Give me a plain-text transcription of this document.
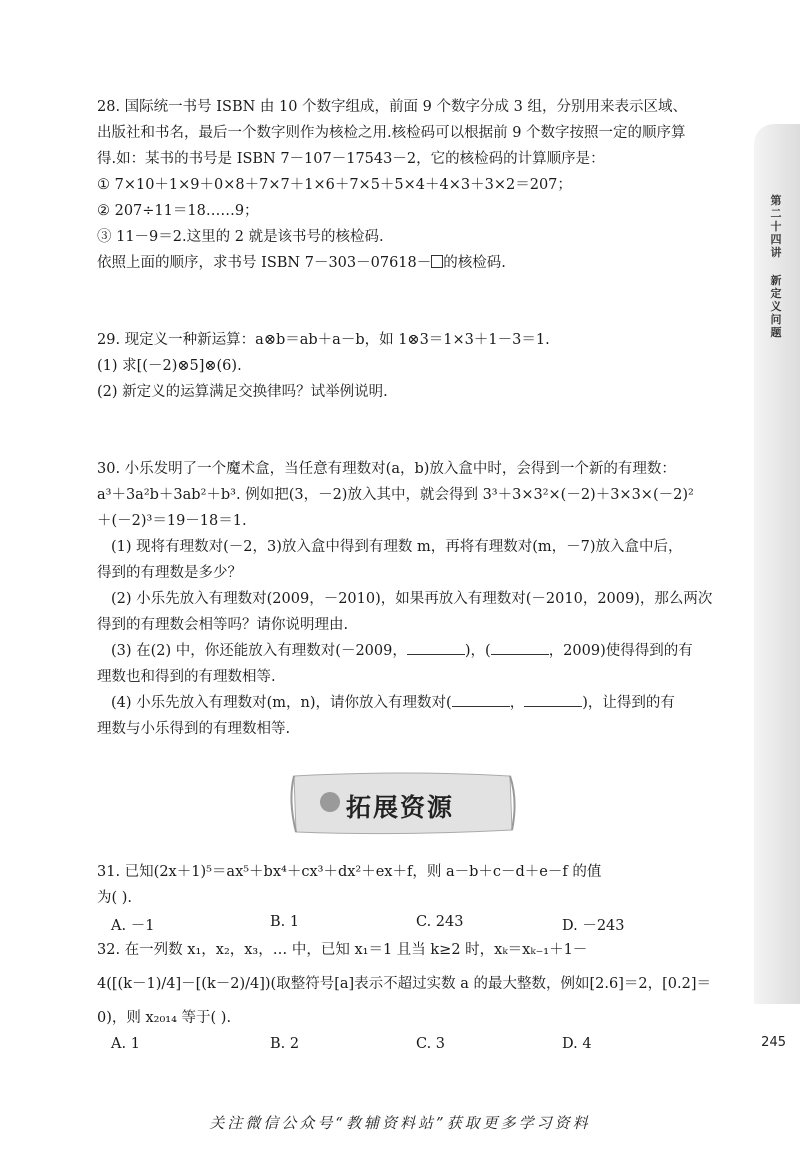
第二十四讲
新定义问题
245
28. 国际统一书号 ISBN 由 10 个数字组成，前面 9 个数字分成 3 组，分别用来表示区域、
出版社和书名，最后一个数字则作为核检之用.核检码可以根据前 9 个数字按照一定的顺序算
得.如：某书的书号是 ISBN 7－107－17543－2，它的核检码的计算顺序是：
① 7×10＋1×9＋0×8＋7×7＋1×6＋7×5＋5×4＋4×3＋3×2＝207；
② 207÷11＝18……9；
③ 11－9＝2.这里的 2 就是该书号的核检码.
依照上面的顺序，求书号 ISBN 7－303－07618－ 的核检码.
29. 现定义一种新运算：a⊗b＝ab＋a－b，如 1⊗3＝1×3＋1－3＝1.
(1) 求[(－2)⊗5]⊗(6).
(2) 新定义的运算满足交换律吗？试举例说明.
30. 小乐发明了一个魔术盒，当任意有理数对(a，b)放入盒中时，会得到一个新的有理数：
a³＋3a²b＋3ab²＋b³. 例如把(3，－2)放入其中，就会得到 3³＋3×3²×(－2)＋3×3×(－2)²
＋(－2)³＝19－18＝1.
(1) 现将有理数对(－2，3)放入盒中得到有理数 m，再将有理数对(m，－7)放入盒中后，
得到的有理数是多少？
(2) 小乐先放入有理数对(2009，－2010)，如果再放入有理数对(－2010，2009)，那么两次
得到的有理数会相等吗？请你说明理由.
(3) 在(2) 中，你还能放入有理数对(－2009，	)，(	，2009)使得得到的有
理数也和得到的有理数相等.
(4) 小乐先放入有理数对(m，n)，请你放入有理数对(	，	)，让得到的有
理数与小乐得到的有理数相等.
拓展资源
31. 已知(2x＋1)⁵＝ax⁵＋bx⁴＋cx³＋dx²＋ex＋f，则 a－b＋c－d＋e－f 的值
为( ).
A. －1	B. 1	C. 243	D. －243
32. 在一列数 x₁，x₂，x₃，… 中，已知 x₁＝1 且当 k≥2 时，xₖ＝xₖ₋₁＋1－
4([(k－1)/4]－[(k－2)/4])(取整符号[a]表示不超过实数 a 的最大整数，例如[2.6]＝2，[0.2]＝
0)，则 x₂₀₁₄ 等于( ).
A. 1	B. 2	C. 3	D. 4
关注微信公众号“教辅资料站”获取更多学习资料
